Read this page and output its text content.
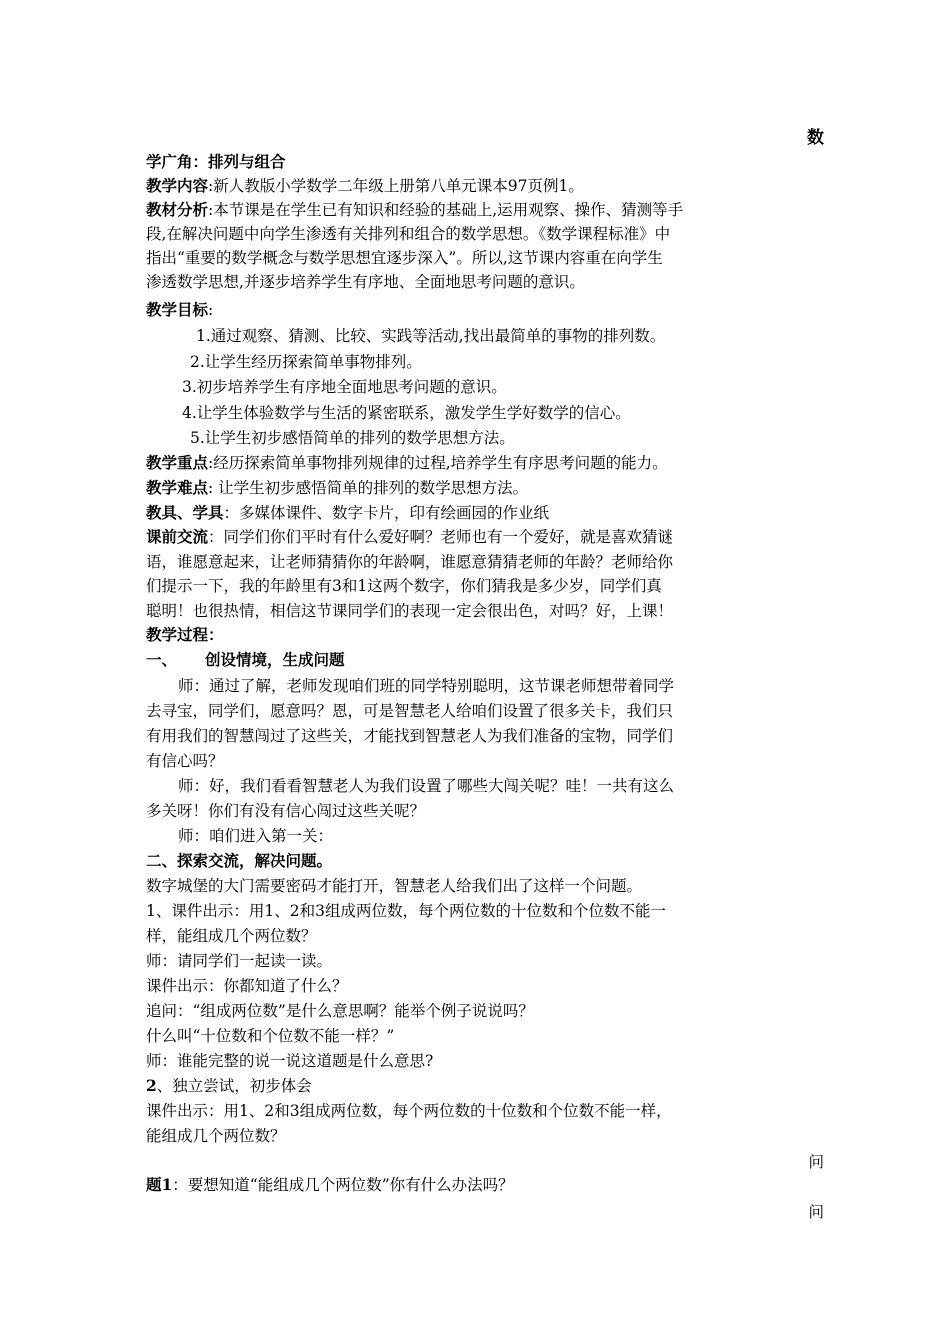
数
学广角：排列与组合
教学内容:新人教版小学数学二年级上册第八单元课本97页例1。
教材分析:本节课是在学生已有知识和经验的基础上,运用观察、操作、猜测等手
段,在解决问题中向学生渗透有关排列和组合的数学思想。《数学课程标准》中
指出“重要的数学概念与数学思想宜逐步深入”。所以,这节课内容重在向学生
渗透数学思想,并逐步培养学生有序地、全面地思考问题的意识。
教学目标:
1.通过观察、猜测、比较、实践等活动,找出最简单的事物的排列数。
2.让学生经历探索简单事物排列。
3.初步培养学生有序地全面地思考问题的意识。
4.让学生体验数学与生活的紧密联系，激发学生学好数学的信心。
5.让学生初步感悟简单的排列的数学思想方法。
教学重点:经历探索简单事物排列规律的过程,培养学生有序思考问题的能力。
教学难点: 让学生初步感悟简单的排列的数学思想方法。
教具、学具：多媒体课件、数字卡片，印有绘画园的作业纸
课前交流：同学们你们平时有什么爱好啊？老师也有一个爱好，就是喜欢猜谜
语，谁愿意起来，让老师猜猜你的年龄啊，谁愿意猜猜老师的年龄？老师给你
们提示一下，我的年龄里有3和1这两个数字，你们猜我是多少岁，同学们真
聪明！也很热情，相信这节课同学们的表现一定会很出色，对吗？好，上课！
教学过程：
一、 创设情境，生成问题
师：通过了解，老师发现咱们班的同学特别聪明，这节课老师想带着同学
去寻宝，同学们，愿意吗？恩，可是智慧老人给咱们设置了很多关卡，我们只
有用我们的智慧闯过了这些关，才能找到智慧老人为我们准备的宝物，同学们
有信心吗？
师：好，我们看看智慧老人为我们设置了哪些大闯关呢？哇！一共有这么
多关呀！你们有没有信心闯过这些关呢？
师：咱们进入第一关：
二、探索交流，解决问题。
数字城堡的大门需要密码才能打开，智慧老人给我们出了这样一个问题。
1、课件出示：用1、2和3组成两位数，每个两位数的十位数和个位数不能一
样，能组成几个两位数？
师：请同学们一起读一读。
课件出示：你都知道了什么？
追问：“组成两位数”是什么意思啊？能举个例子说说吗？
什么叫“十位数和个位数不能一样？”
师：谁能完整的说一说这道题是什么意思?
2、独立尝试，初步体会
课件出示：用1、2和3组成两位数，每个两位数的十位数和个位数不能一样，
能组成几个两位数？
问
题1：要想知道“能组成几个两位数”你有什么办法吗？
问
